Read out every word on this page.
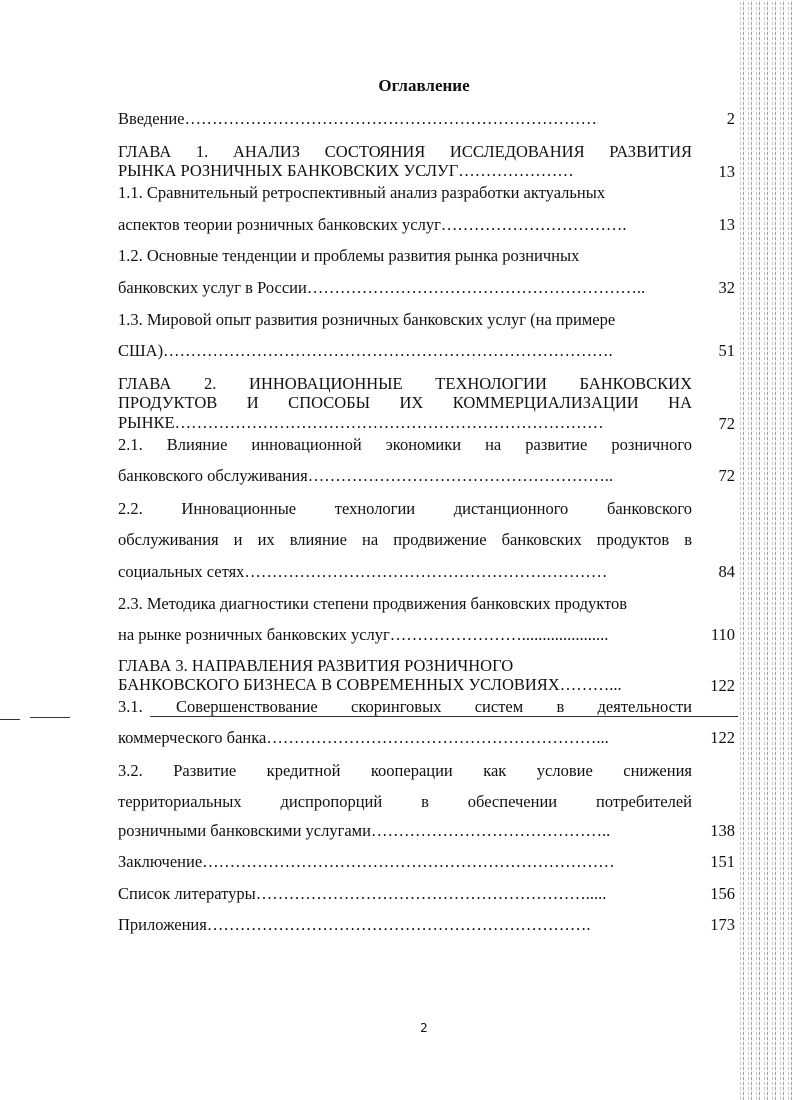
Оглавление
Введение…………………………………………………………………	2
ГЛАВА 1. АНАЛИЗ СОСТОЯНИЯ ИССЛЕДОВАНИЯ РАЗВИТИЯ
РЫНКА РОЗНИЧНЫХ БАНКОВСКИХ УСЛУГ…………………	13
1.1. Сравнительный ретроспективный анализ разработки актуальных
аспектов теории розничных банковских услуг…………………………….	13
1.2. Основные тенденции и проблемы развития рынка розничных
банковских услуг в России……………………………………………………..	32
1.3. Мировой опыт развития розничных банковских услуг (на примере
США)……………………………………………………………………….	51
ГЛАВА 2. ИННОВАЦИОННЫЕ ТЕХНОЛОГИИ БАНКОВСКИХ
ПРОДУКТОВ И СПОСОБЫ ИХ КОММЕРЦИАЛИЗАЦИИ НА
РЫНКЕ……………………………………………………………………	72
2.1. Влияние инновационной экономики на развитие розничного
банковского обслуживания………………………………………………..	72
2.2. Инновационные технологии дистанционного банковского
обслуживания и их влияние на продвижение банковских продуктов в
социальных сетях…………………………………………………………	84
2.3. Методика диагностики степени продвижения банковских продуктов
на рынке розничных банковских услуг…………………….....................	110
ГЛАВА 3. НАПРАВЛЕНИЯ РАЗВИТИЯ РОЗНИЧНОГО
БАНКОВСКОГО БИЗНЕСА В СОВРЕМЕННЫХ УСЛОВИЯХ………...	122
3.1. Совершенствование скоринговых систем в деятельности
коммерческого банка……………………………………………………...	122
3.2. Развитие кредитной кооперации как условие снижения
территориальных диспропорций в обеспечении потребителей
розничными банковскими услугами……………………………………..	138
Заключение…………………………………………………………………	151
Список литературы…………………………………………………….....	156
Приложения…………………………………………………………….	173
2
